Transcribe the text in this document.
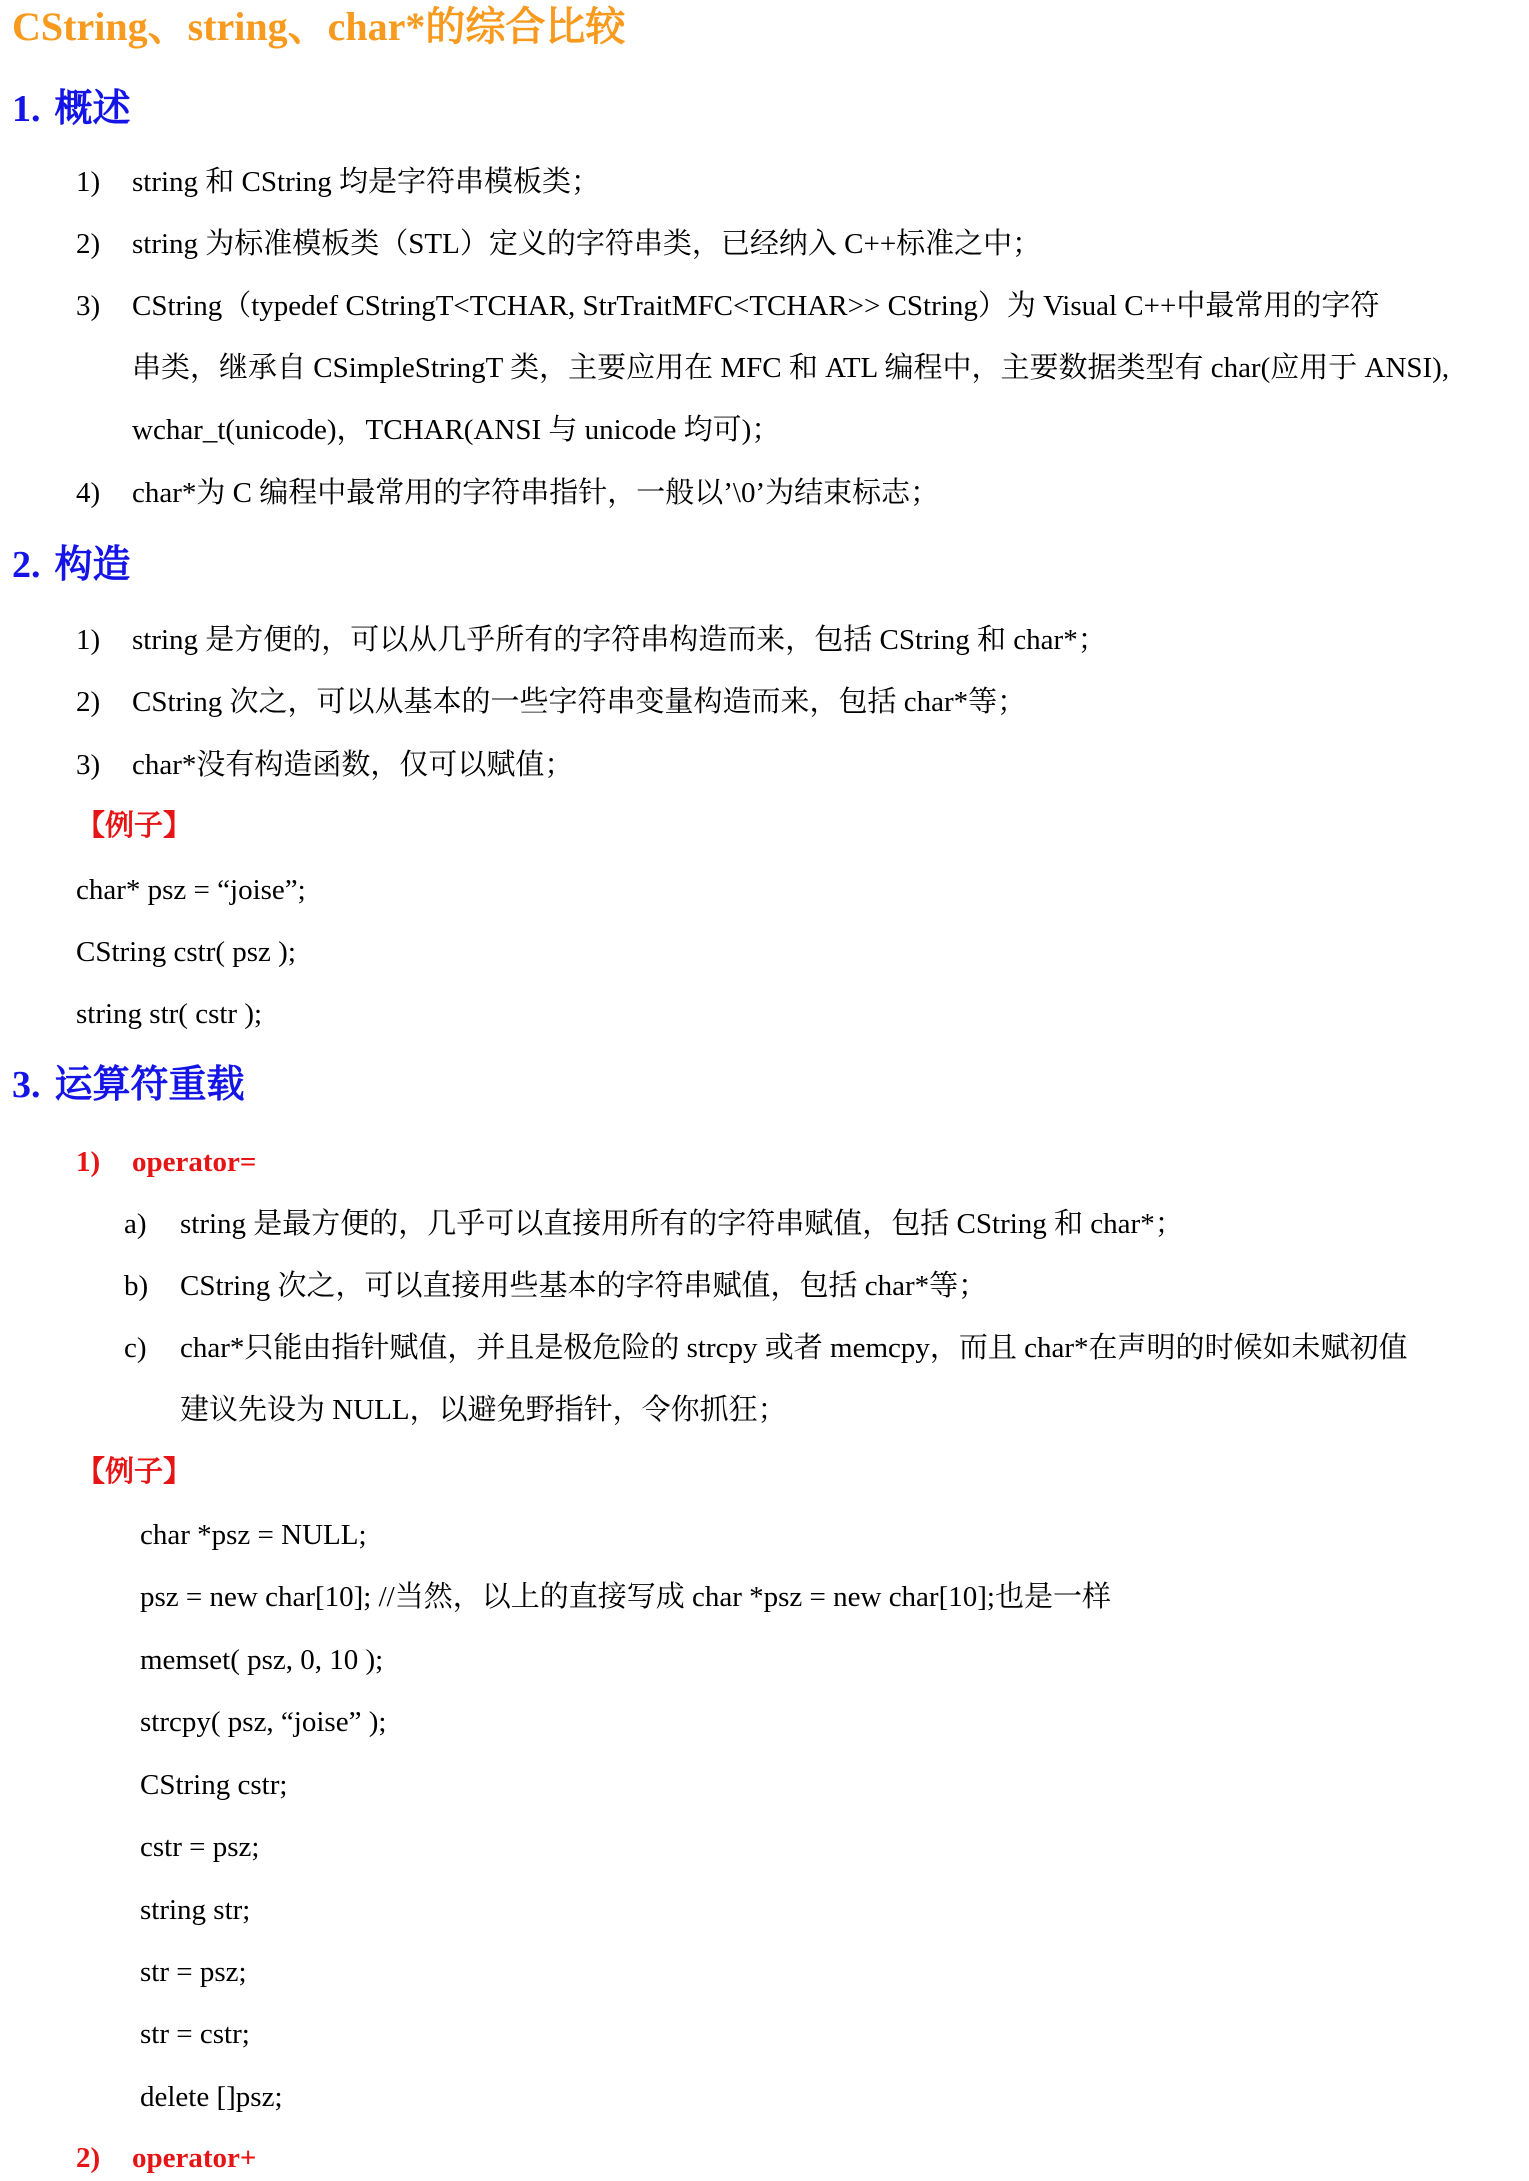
CString、string、char*的综合比较
1. 概述
1) string 和 CString 均是字符串模板类；
2) string 为标准模板类（STL）定义的字符串类，已经纳入 C++标准之中；
3) CString（typedef CStringT<TCHAR, StrTraitMFC<TCHAR>> CString）为 Visual C++中最常用的字符
串类，继承自 CSimpleStringT 类，主要应用在 MFC 和 ATL 编程中，主要数据类型有 char(应用于 ANSI),
wchar_t(unicode)，TCHAR(ANSI 与 unicode 均可)；
4) char*为 C 编程中最常用的字符串指针，一般以’\0’为结束标志；
2. 构造
1) string 是方便的，可以从几乎所有的字符串构造而来，包括 CString 和 char*；
2) CString 次之，可以从基本的一些字符串变量构造而来，包括 char*等；
3) char*没有构造函数，仅可以赋值；
【例子】
char* psz = “joise”;
CString cstr( psz );
string str( cstr );
3. 运算符重载
1) operator=
a) string 是最方便的，几乎可以直接用所有的字符串赋值，包括 CString 和 char*；
b) CString 次之，可以直接用些基本的字符串赋值，包括 char*等；
c) char*只能由指针赋值，并且是极危险的 strcpy 或者 memcpy，而且 char*在声明的时候如未赋初值
建议先设为 NULL，以避免野指针，令你抓狂；
【例子】
char *psz = NULL;
psz = new char[10]; //当然，以上的直接写成 char *psz = new char[10];也是一样
memset( psz, 0, 10 );
strcpy( psz, “joise” );
CString cstr;
cstr = psz;
string str;
str = psz;
str = cstr;
delete []psz;
2) operator+
